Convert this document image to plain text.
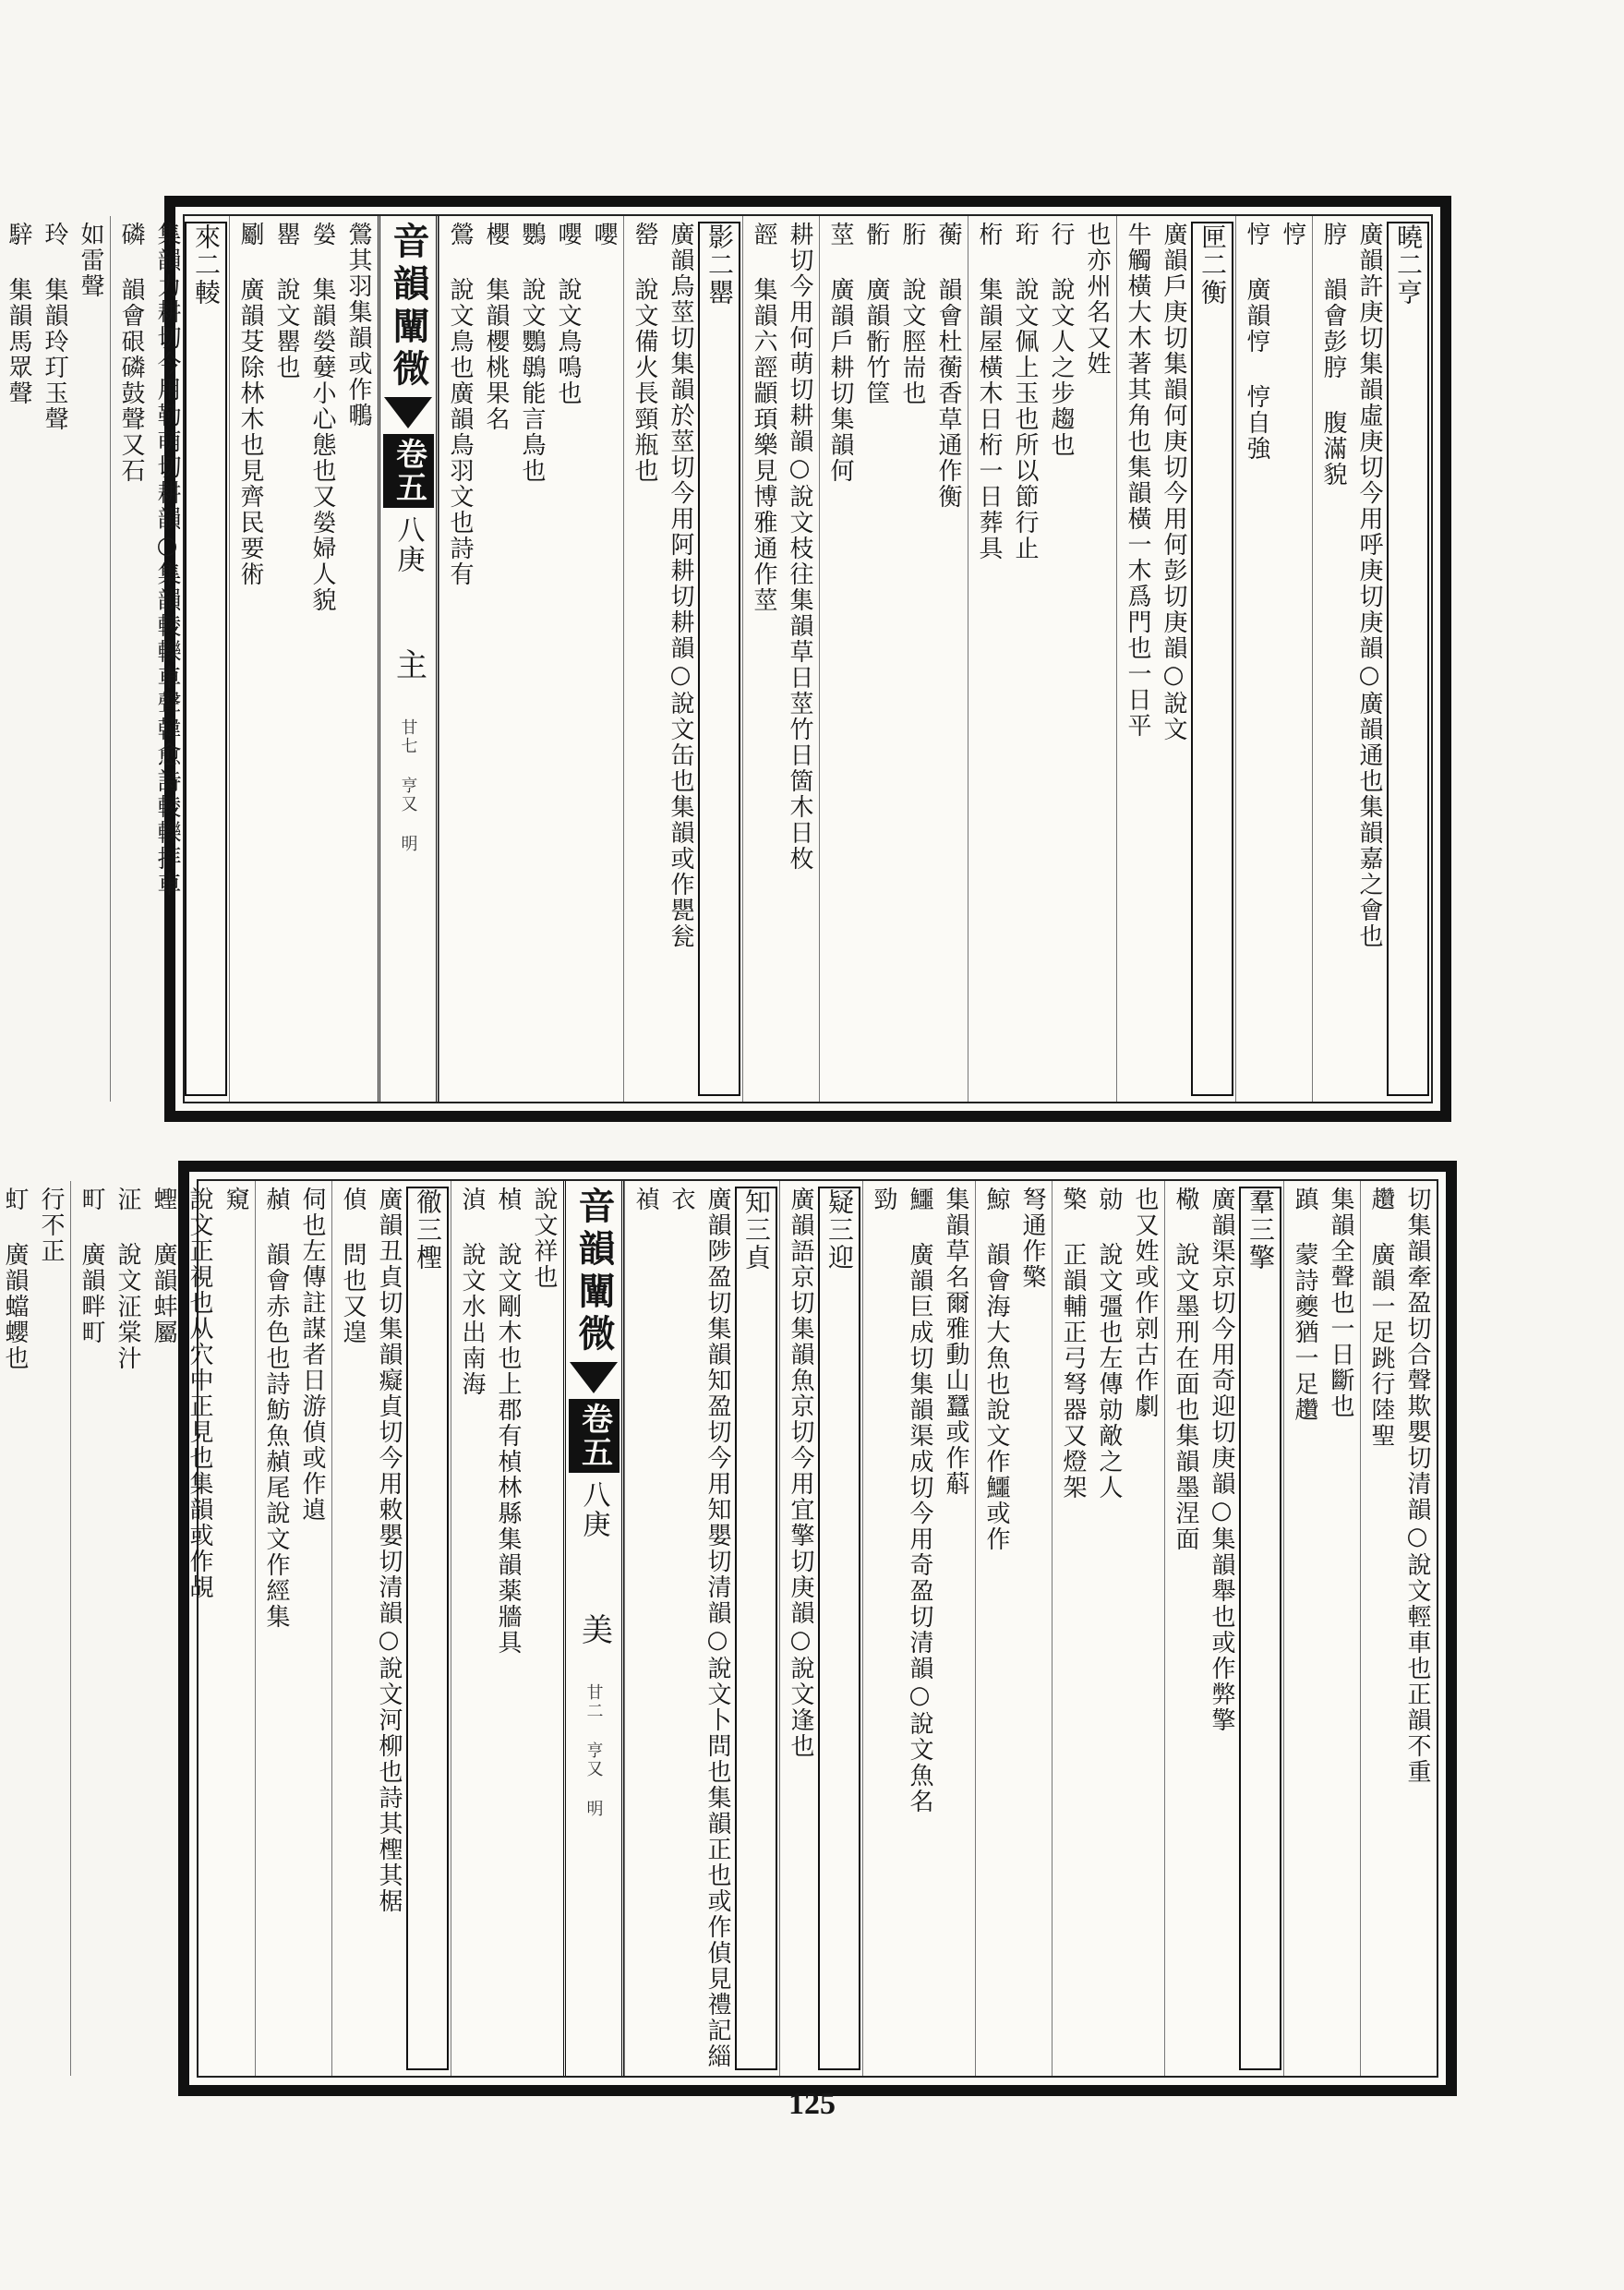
曉二亨
廣韻許庚切集韻虛庚切今用呼庚切庚韻○廣韻通也集韻嘉之會也
脝 韻會彭脝 腹滿貌
悙
悙 廣韻悙 悙自強
匣二衡
廣韻戶庚切集韻何庚切今用何彭切庚韻○說文
牛觸橫大木著其角也集韻橫一木爲門也一日平
也亦州名又姓
行 說文人之步趨也
珩 說文佩上玉也所以節行止
桁 集韻屋橫木日桁一日葬具
蘅 韻會杜蘅香草通作衡
胻 說文脛耑也
䯒 廣韻䯒竹筐
莖 廣韻戶耕切集韻何
耕切今用何萌切耕韻○說文枝往集韻草日莖竹日箇木日枚
䪫 集韻六䪫顓頊樂見博雅通作莖
影二罌
廣韻烏莖切集韻於莖切今用阿耕切耕韻○說文缶也集韻或作甖瓮
罃 說文備火長頸瓶也
嚶
嚶 說文鳥鳴也
鸚 說文鸚䳇能言鳥也
櫻 集韻櫻桃果名
鶯 說文鳥也廣韻鳥羽文也詩有
音韻闡微
卷五
八庚
主
甘七 亨又 明
鶯其羽集韻或作䳟
嫈 集韻嫈㜸小心態也又嫈婦人貌
罌 說文罌也
劚 廣韻芟除林木也見齊民要術
來二輘
集韻力耕切今用勒萌切耕韻○集韻輘轢車聲韓愈詩輘轢拝車
磷 韻會硍磷鼓聲又石
如雷聲
玲 集韻玲玎玉聲
騂 集韻馬眾聲
切集韻牽盈切合聲欺嬰切清韻○說文輕車也正韻不重
趲 廣韻一足跳行陸聖
集韻全聲也一日斷也
蹎 蒙詩夔猶一足趲
羣三擎
廣韻渠京切今用奇迎切庚韻○集韻舉也或作弊擎
㯳 說文墨刑在面也集韻墨涅面
也又姓或作剠古作劇
勍 說文彊也左傳勍敵之人
檠 正韻輔正弓弩器又燈架
弩通作檠
鯨 韻會海大魚也說文作鱷或作
集韻草名爾雅動山蠶或作蔛
鱷 廣韻巨成切集韻渠成切今用奇盈切清韻○說文魚名
勁
疑三迎
廣韻語京切集韻魚京切今用宜擎切庚韻○說文逢也
知三貞
廣韻陟盈切集韻知盈切今用知嬰切清韻○說文卜問也集韻正也或作偵見禮記緇衣
禎
音韻闡微
卷五
八庚
美
甘二 亨又 明
說文祥也
楨 說文剛木也上郡有楨林縣集韻薬牆具
湞 說文水出南海
徹三檉
廣韻丑貞切集韻癡貞切今用敕嬰切清韻○說文河柳也詩其檉其椐
偵 問也又遑
伺也左傳註謀者日游偵或作遉
赬 韻會赤色也詩魴魚赬尾說文作經集
窺
說文正視也从穴中正見也集韻或作覘
蟶 廣韻蚌屬
泟 說文泟棠汁
町 廣韻畔町
行不正
虰 廣韻蟷蠳也
125
